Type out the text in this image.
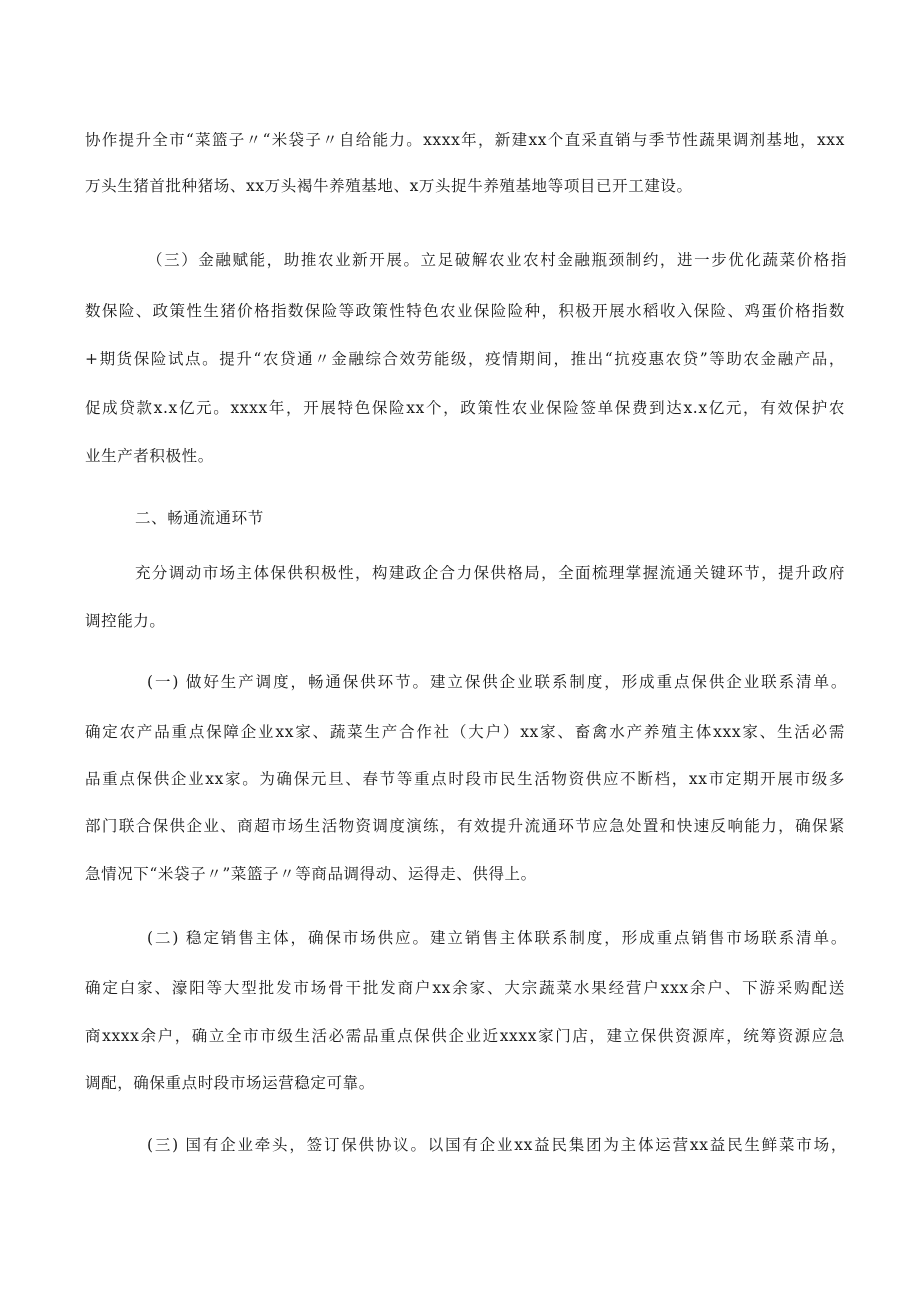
协作提升全市“菜篮子〃“米袋子〃自给能力。xxxx年，新建xx个直采直销与季节性蔬果调剂基地，xxx
万头生猪首批种猪场、xx万头褐牛养殖基地、x万头捉牛养殖基地等项目已开工建设。
（三）金融赋能，助推农业新开展。立足破解农业农村金融瓶颈制约，进一步优化蔬菜价格指
数保险、政策性生猪价格指数保险等政策性特色农业保险险种，积极开展水稻收入保险、鸡蛋价格指数
+期货保险试点。提升“农贷通〃金融综合效劳能级，疫情期间，推出“抗疫惠农贷”等助农金融产品，
促成贷款x.x亿元。xxxx年，开展特色保险xx个，政策性农业保险签单保费到达x.x亿元，有效保护农
业生产者积极性。
二、畅通流通环节
充分调动市场主体保供积极性，构建政企合力保供格局，全面梳理掌握流通关键环节，提升政府
调控能力。
(一) 做好生产调度，畅通保供环节。建立保供企业联系制度，形成重点保供企业联系清单。
确定农产品重点保障企业xx家、蔬菜生产合作社（大户）xx家、畜禽水产养殖主体xxx家、生活必需
品重点保供企业xx家。为确保元旦、春节等重点时段市民生活物资供应不断档，xx市定期开展市级多
部门联合保供企业、商超市场生活物资调度演练，有效提升流通环节应急处置和快速反响能力，确保紧
急情况下“米袋子〃”菜篮子〃等商品调得动、运得走、供得上。
(二) 稳定销售主体，确保市场供应。建立销售主体联系制度，形成重点销售市场联系清单。
确定白家、濠阳等大型批发市场骨干批发商户xx余家、大宗蔬菜水果经营户xxx余户、下游采购配送
商xxxx余户，确立全市市级生活必需品重点保供企业近xxxx家门店，建立保供资源库，统筹资源应急
调配，确保重点时段市场运营稳定可靠。
(三) 国有企业牵头，签订保供协议。以国有企业xx益民集团为主体运营xx益民生鲜菜市场，
